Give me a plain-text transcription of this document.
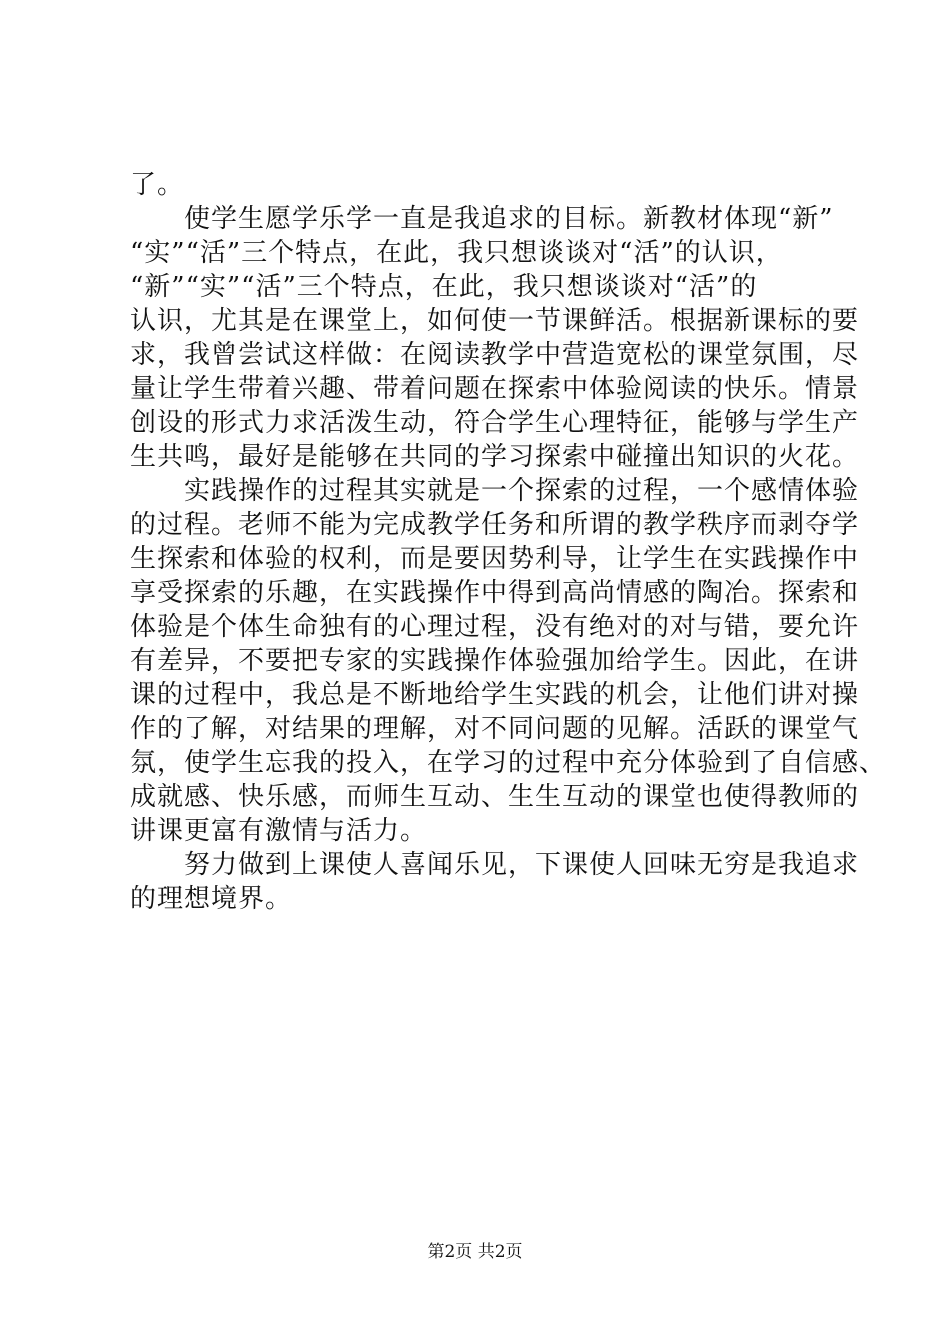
了。
　　使学生愿学乐学一直是我追求的目标。新教材体现“新”
“实”“活”三个特点，在此，我只想谈谈对“活”的认识，
“新”“实”“活”三个特点，在此，我只想谈谈对“活”的
认识，尤其是在课堂上，如何使一节课鲜活。根据新课标的要
求，我曾尝试这样做：在阅读教学中营造宽松的课堂氛围，尽
量让学生带着兴趣、带着问题在探索中体验阅读的快乐。情景
创设的形式力求活泼生动，符合学生心理特征，能够与学生产
生共鸣，最好是能够在共同的学习探索中碰撞出知识的火花。
　　实践操作的过程其实就是一个探索的过程，一个感情体验
的过程。老师不能为完成教学任务和所谓的教学秩序而剥夺学
生探索和体验的权利，而是要因势利导，让学生在实践操作中
享受探索的乐趣，在实践操作中得到高尚情感的陶冶。探索和
体验是个体生命独有的心理过程，没有绝对的对与错，要允许
有差异，不要把专家的实践操作体验强加给学生。因此，在讲
课的过程中，我总是不断地给学生实践的机会，让他们讲对操
作的了解，对结果的理解，对不同问题的见解。活跃的课堂气
氛，使学生忘我的投入，在学习的过程中充分体验到了自信感、
成就感、快乐感，而师生互动、生生互动的课堂也使得教师的
讲课更富有激情与活力。
　　努力做到上课使人喜闻乐见，下课使人回味无穷是我追求
的理想境界。
第2页 共2页
